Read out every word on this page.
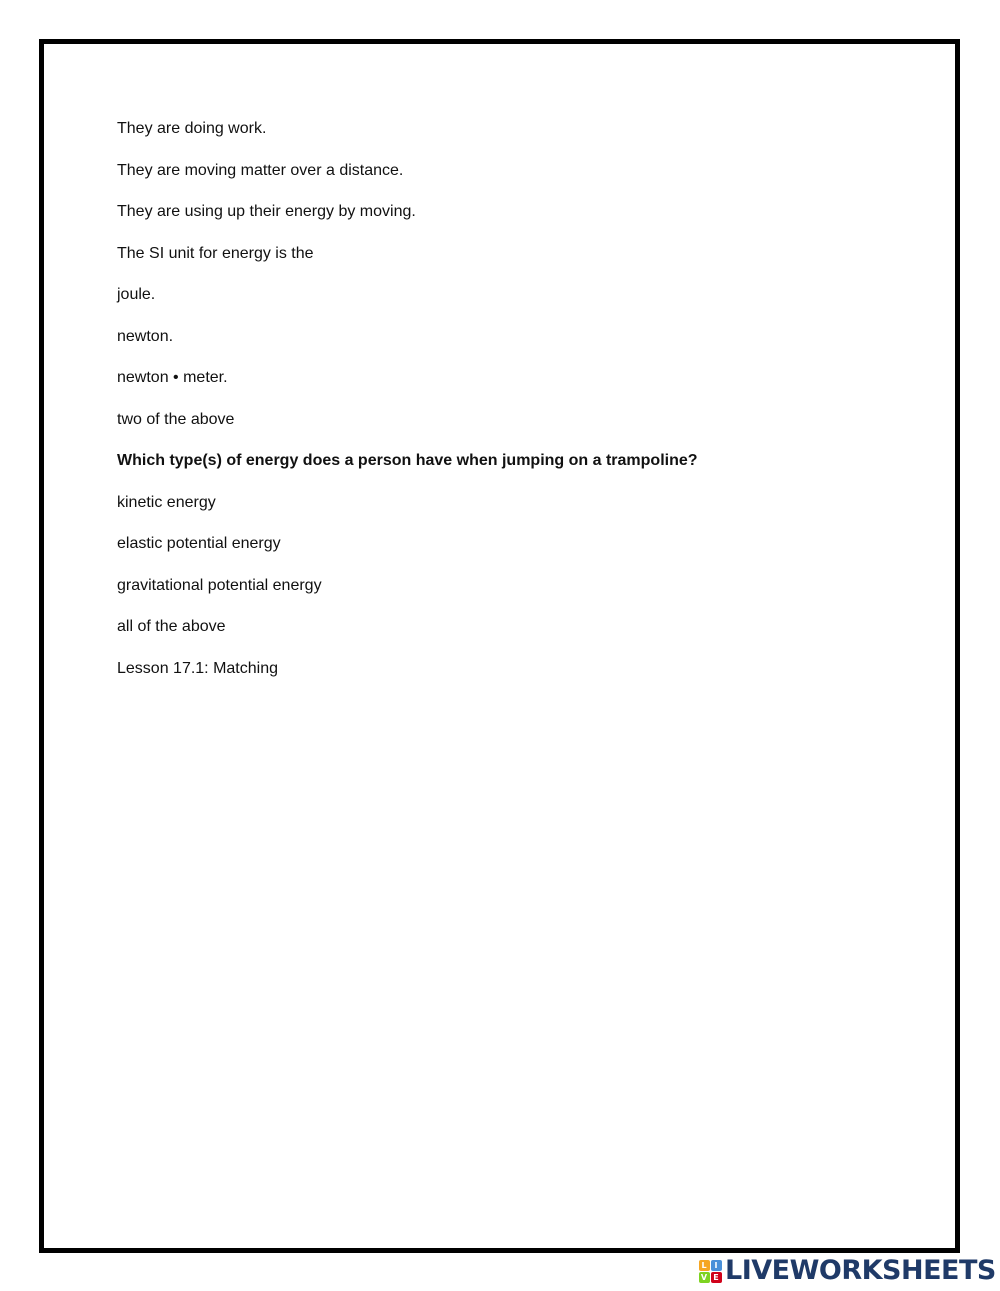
They are doing work.
They are moving matter over a distance.
They are using up their energy by moving.
The SI unit for energy is the
joule.
newton.
newton • meter.
two of the above
Which type(s) of energy does a person have when jumping on a trampoline?
kinetic energy
elastic potential energy
gravitational potential energy
all of the above
Lesson 17.1: Matching
L I
V E LIVEWORKSHEETS
